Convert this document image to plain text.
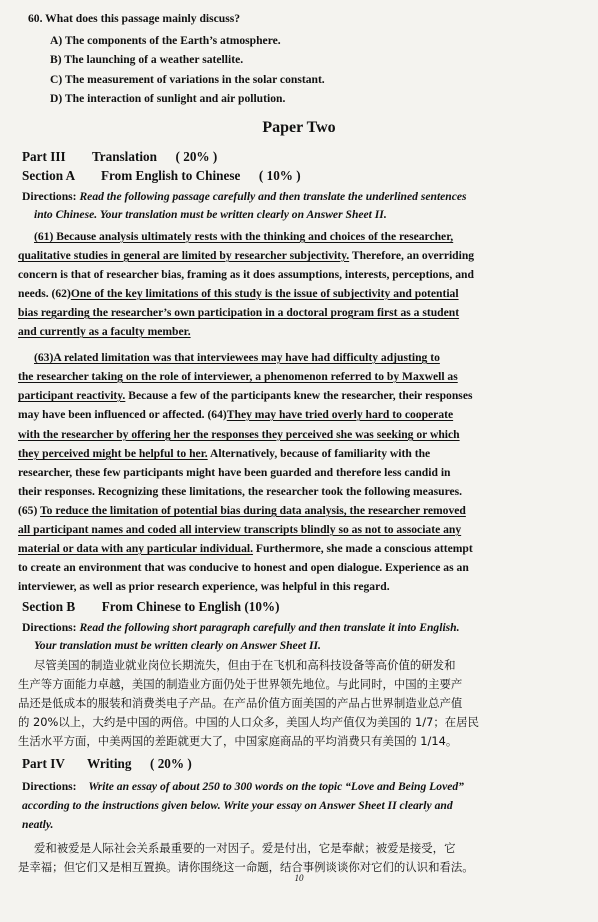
60. What does this passage mainly discuss?
A) The components of the Earth’s atmosphere.
B) The launching of a weather satellite.
C) The measurement of variations in the solar constant.
D) The interaction of sunlight and air pollution.
Paper Two
Part III Translation ( 20% )
Section A From English to Chinese ( 10% )
Directions: Read the following passage carefully and then translate the underlined sentences
into Chinese. Your translation must be written clearly on Answer Sheet II.
(61) Because analysis ultimately rests with the thinking and choices of the researcher,
qualitative studies in general are limited by researcher subjectivity. Therefore, an overriding
concern is that of researcher bias, framing as it does assumptions, interests, perceptions, and
needs. (62)One of the key limitations of this study is the issue of subjectivity and potential
bias regarding the researcher’s own participation in a doctoral program first as a student
and currently as a faculty member.
(63)A related limitation was that interviewees may have had difficulty adjusting to
the researcher taking on the role of interviewer, a phenomenon referred to by Maxwell as
participant reactivity. Because a few of the participants knew the researcher, their responses
may have been influenced or affected. (64)They may have tried overly hard to cooperate
with the researcher by offering her the responses they perceived she was seeking or which
they perceived might be helpful to her. Alternatively, because of familiarity with the
researcher, these few participants might have been guarded and therefore less candid in
their responses. Recognizing these limitations, the researcher took the following measures.
(65) To reduce the limitation of potential bias during data analysis, the researcher removed
all participant names and coded all interview transcripts blindly so as not to associate any
material or data with any particular individual. Furthermore, she made a conscious attempt
to create an environment that was conducive to honest and open dialogue. Experience as an
interviewer, as well as prior research experience, was helpful in this regard.
Section B From Chinese to English (10%)
Directions: Read the following short paragraph carefully and then translate it into English.
Your translation must be written clearly on Answer Sheet II.
尽管美国的制造业就业岗位长期流失，但由于在飞机和高科技设备等高价值的研发和
生产等方面能力卓越，美国的制造业方面仍处于世界领先地位。与此同时，中国的主要产
品还是低成本的服装和消费类电子产品。在产品价值方面美国的产品占世界制造业总产值
的 20%以上，大约是中国的两倍。中国的人口众多，美国人均产值仅为美国的 1/7；在居民
生活水平方面，中美两国的差距就更大了，中国家庭商品的平均消费只有美国的 1/14。
Part IV Writing ( 20% )
Directions: Write an essay of about 250 to 300 words on the topic “Love and Being Loved”
according to the instructions given below. Write your essay on Answer Sheet II clearly and
neatly.
爱和被爱是人际社会关系最重要的一对因子。爱是付出，它是奉献；被爱是接受，它
是幸福；但它们又是相互置换。请你围绕这一命题，结合事例谈谈你对它们的认识和看法。
10
